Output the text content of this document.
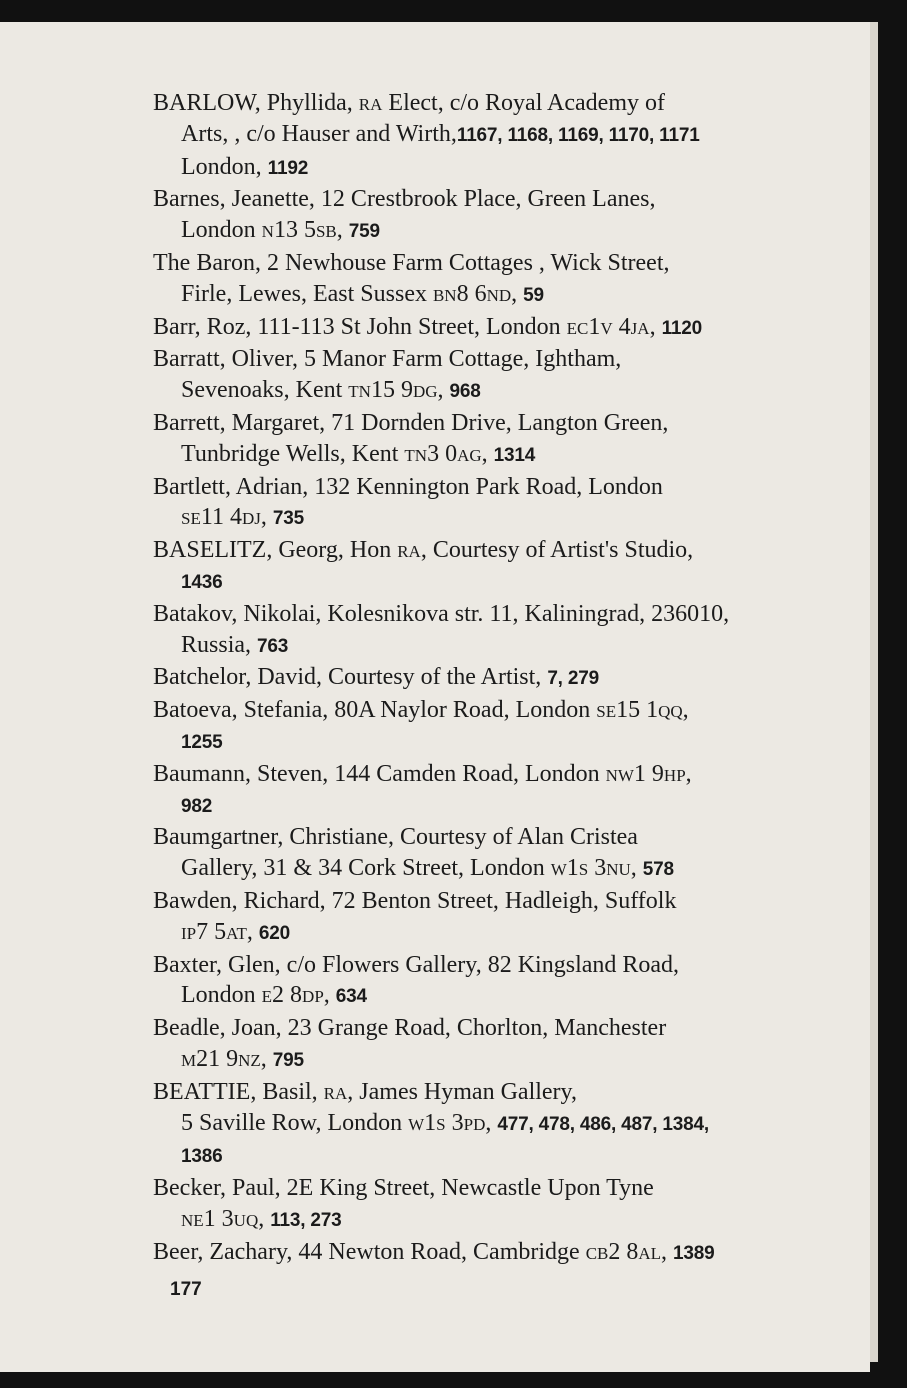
BARLOW, Phyllida, ra Elect, c/o Royal Academy of
Arts, , c/o Hauser and Wirth,1167, 1168, 1169, 1170, 1171
London, 1192
Barnes, Jeanette, 12 Crestbrook Place, Green Lanes,
London n13 5sb, 759
The Baron, 2 Newhouse Farm Cottages , Wick Street,
Firle, Lewes, East Sussex bn8 6nd, 59
Barr, Roz, 111-113 St John Street, London ec1v 4ja, 1120
Barratt, Oliver, 5 Manor Farm Cottage, Ightham,
Sevenoaks, Kent tn15 9dg, 968
Barrett, Margaret, 71 Dornden Drive, Langton Green,
Tunbridge Wells, Kent tn3 0ag, 1314
Bartlett, Adrian, 132 Kennington Park Road, London
se11 4dj, 735
BASELITZ, Georg, Hon ra, Courtesy of Artist's Studio,
1436
Batakov, Nikolai, Kolesnikova str. 11, Kaliningrad, 236010,
Russia, 763
Batchelor, David, Courtesy of the Artist, 7, 279
Batoeva, Stefania, 80A Naylor Road, London se15 1qq,
1255
Baumann, Steven, 144 Camden Road, London nw1 9hp,
982
Baumgartner, Christiane, Courtesy of Alan Cristea
Gallery, 31 & 34 Cork Street, London w1s 3nu, 578
Bawden, Richard, 72 Benton Street, Hadleigh, Suffolk
ip7 5at, 620
Baxter, Glen, c/o Flowers Gallery, 82 Kingsland Road,
London e2 8dp, 634
Beadle, Joan, 23 Grange Road, Chorlton, Manchester
m21 9nz, 795
BEATTIE, Basil, ra, James Hyman Gallery,
5 Saville Row, London w1s 3pd, 477, 478, 486, 487, 1384,
1386
Becker, Paul, 2E King Street, Newcastle Upon Tyne
ne1 3uq, 113, 273
Beer, Zachary, 44 Newton Road, Cambridge cb2 8al, 1389
177
